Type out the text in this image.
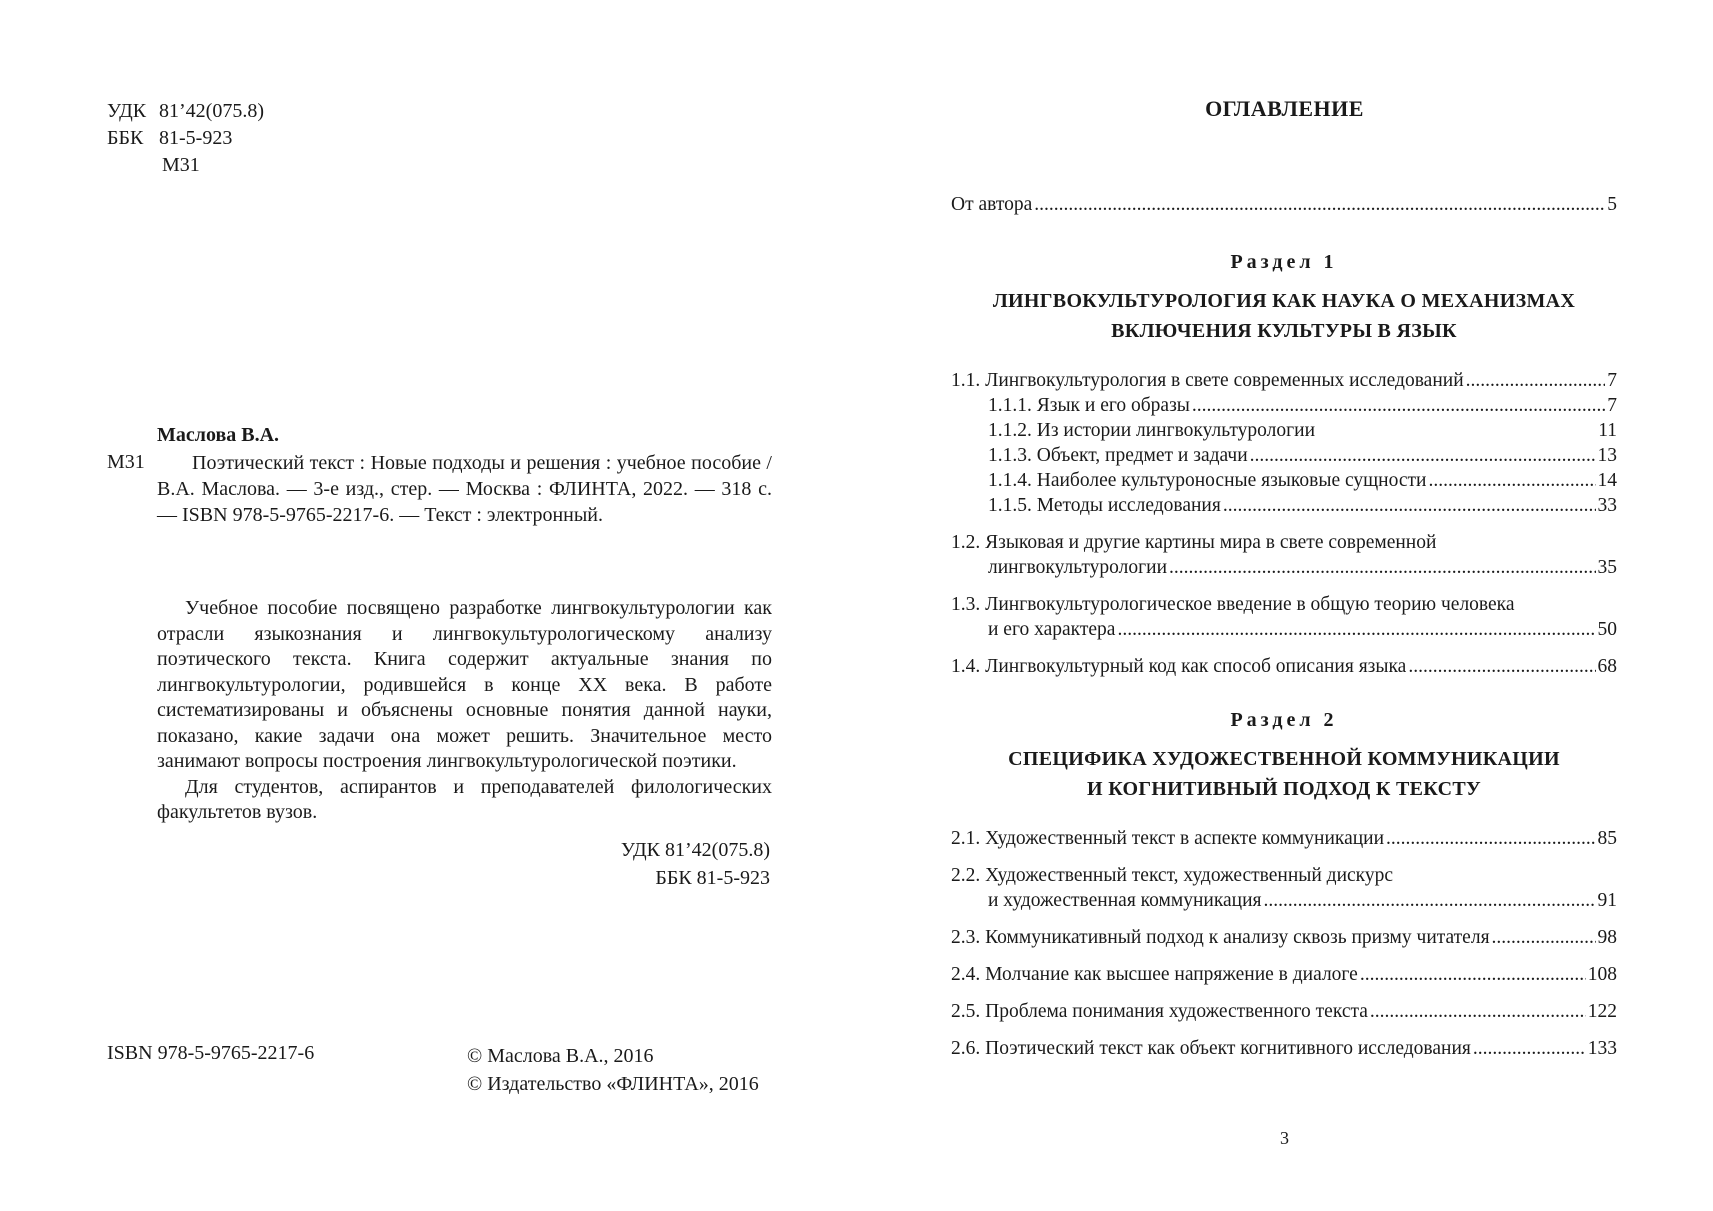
УДК 81’42(075.8)
ББК 81-5-923
М31
Маслова В.А.
М31	Поэтический текст : Новые подходы и решения : учебное пособие / В.А. Маслова. — 3-е изд., стер. — Москва : ФЛИНТА, 2022. — 318 с. — ISBN 978-5-9765-2217-6. — Текст : электронный.

Учебное пособие посвящено разработке лингвокультурологии как отрасли языкознания и лингвокультурологическому анализу поэтического текста. Книга содержит актуальные знания по лингвокультурологии, родившейся в конце XX века. В работе систематизированы и объяснены основные понятия данной науки, показано, какие задачи она может решить. Значительное место занимают вопросы построения лингвокультурологической поэтики.

Для студентов, аспирантов и преподавателей филологических факультетов вузов.

УДК 81’42(075.8)
ББК 81-5-923
ISBN 978-5-9765-2217-6	© Маслова В.А., 2016
© Издательство «ФЛИНТА», 2016
ОГЛАВЛЕНИЕ
От автора .....	5
Раздел 1
ЛИНГВОКУЛЬТУРОЛОГИЯ КАК НАУКА О МЕХАНИЗМАХ
ВКЛЮЧЕНИЯ КУЛЬТУРЫ В ЯЗЫК
1.1. Лингвокультурология в свете современных исследований .....	7
1.1.1. Язык и его образы .....	7
1.1.2. Из истории лингвокультурологии	11
1.1.3. Объект, предмет и задачи .....	13
1.1.4. Наиболее культуроносные языковые сущности .....	14
1.1.5. Методы исследования .....	33
1.2. Языковая и другие картины мира в свете современной
лингвокультурологии .....	35
1.3. Лингвокультурологическое введение в общую теорию человека
и его характера .....	50
1.4. Лингвокультурный код как способ описания языка .....	68
Раздел 2
СПЕЦИФИКА ХУДОЖЕСТВЕННОЙ КОММУНИКАЦИИ
И КОГНИТИВНЫЙ ПОДХОД К ТЕКСТУ
2.1. Художественный текст в аспекте коммуникации .....	85
2.2. Художественный текст, художественный дискурс
и художественная коммуникация .....	91
2.3. Коммуникативный подход к анализу сквозь призму читателя .....	98
2.4. Молчание как высшее напряжение в диалоге .....	108
2.5. Проблема понимания художественного текста .....	122
2.6. Поэтический текст как объект когнитивного исследования .....	133
3
